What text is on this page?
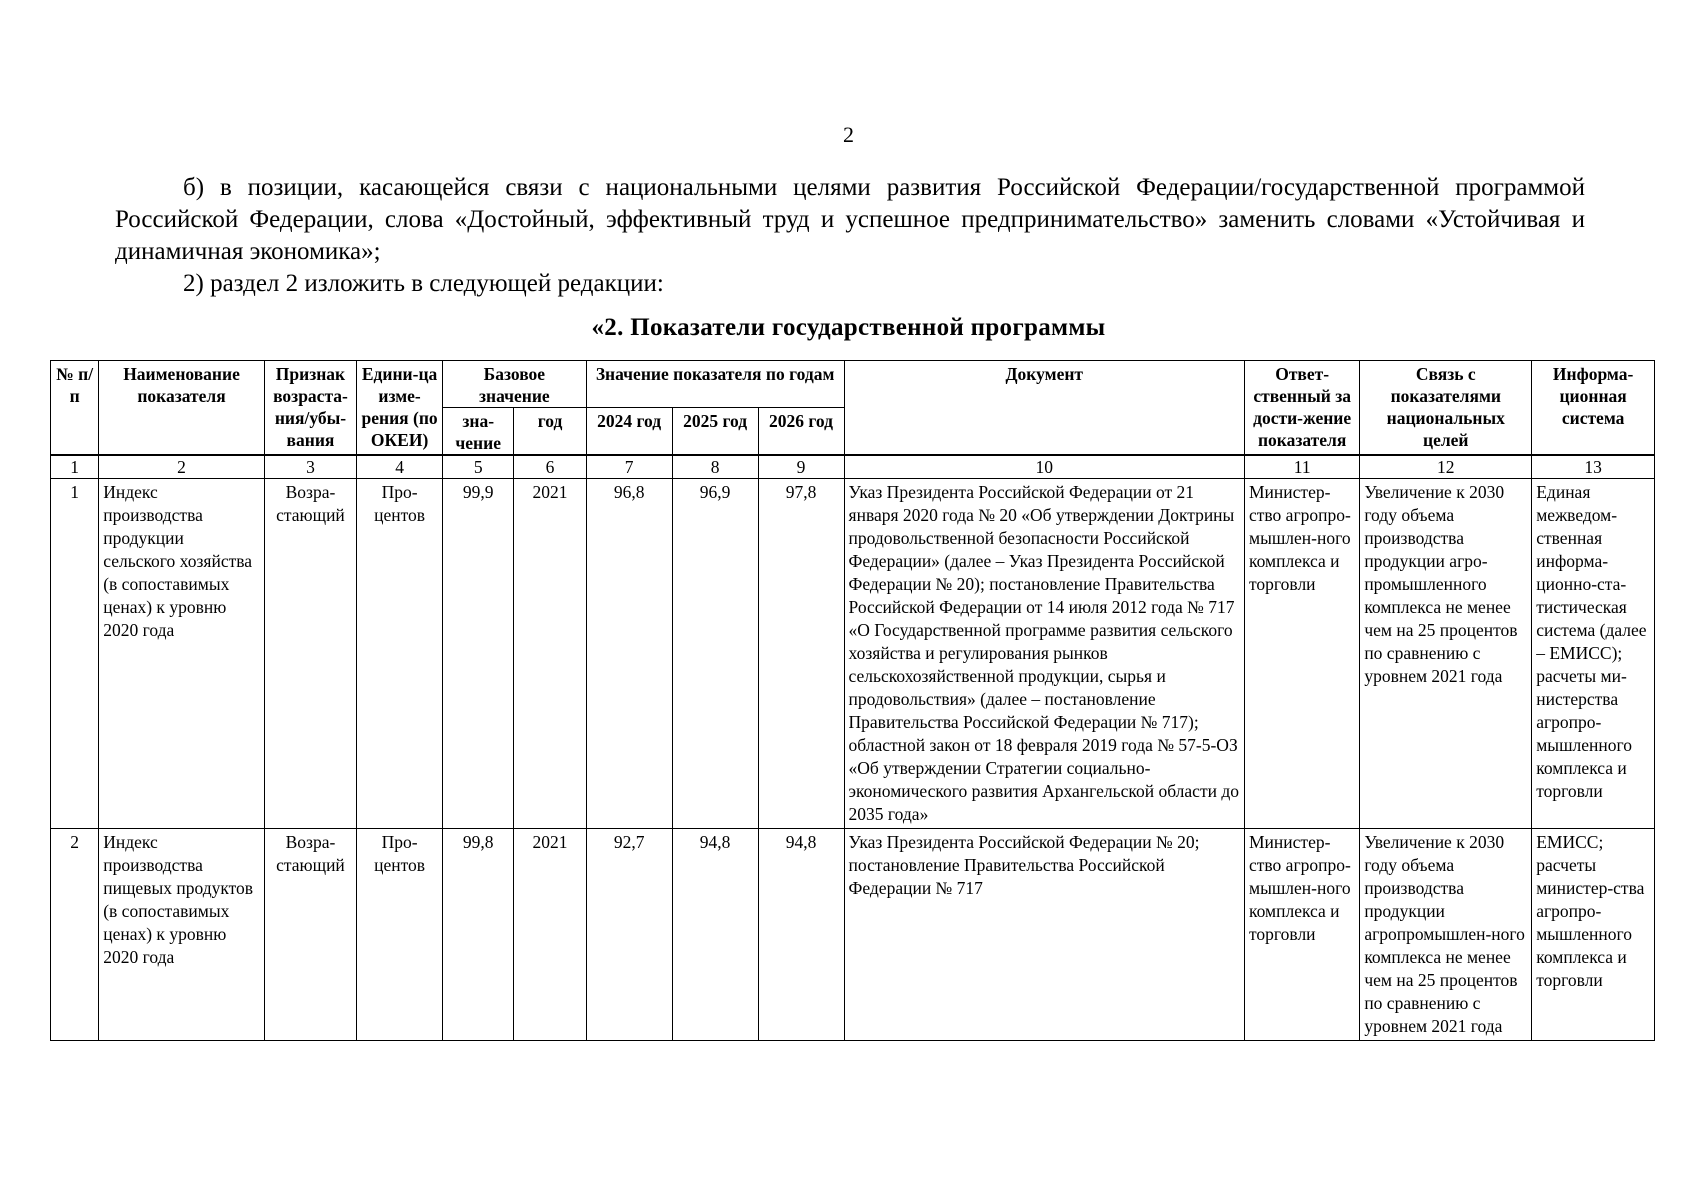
2

б) в позиции, касающейся связи с национальными целями развития Российской Федерации/государственной программой Российской Федерации, слова «Достойный, эффективный труд и успешное предпринимательство» заменить словами «Устойчивая и динамичная экономика»;

2) раздел 2 изложить в следующей редакции:

«2. Показатели государственной программы
№ п/п	Наименование показателя	Признак возраста-ния/убы-вания	Едини-ца изме-рения (по ОКЕИ)	Базовое значение		Значение показателя по годам			Документ	Ответ-ственный за дости-жение показателя	Связь с показателями национальных целей	Информа-ционная система
				зна-чение	год	2024 год	2025 год	2026 год				
1	2	3	4	5	6	7	8	9	10	11	12	13
1	Индекс производства продукции сельского хозяйства (в сопоставимых ценах) к уровню 2020 года	Возра-стающий	Про-центов	99,9	2021	96,8	96,9	97,8	Указ Президента Российской Федерации от 21 января 2020 года № 20 «Об утверждении Доктрины продовольственной безопасности Российской Федерации» (далее – Указ Президента Российской Федерации № 20); постановление Правительства Российской Федерации от 14 июля 2012 года № 717 «О Государственной программе развития сельского хозяйства и регулирования рынков сельскохозяйственной продукции, сырья и продовольствия» (далее – постановление Правительства Российской Федерации № 717); областной закон от 18 февраля 2019 года № 57-5-ОЗ «Об утверждении Стратегии социально-экономического развития Архангельской области до 2035 года»	Министер-ство агропро-мышлен-ного комплекса и торговли	Увеличение к 2030 году объема производства продукции агро-промышленного комплекса не менее чем на 25 процентов по сравнению с уровнем 2021 года	Единая межведом-ственная информа-ционно-ста-тистическая система (далее – ЕМИСС); расчеты ми-нистерства агропро-мышленного комплекса и торговли
2	Индекс производства пищевых продуктов (в сопоставимых ценах) к уровню 2020 года	Возра-стающий	Про-центов	99,8	2021	92,7	94,8	94,8	Указ Президента Российской Федерации № 20; постановление Правительства Российской Федерации № 717	Министер-ство агропро-мышлен-ного комплекса и торговли	Увеличение к 2030 году объема производства продукции агропромышлен-ного комплекса не менее чем на 25 процентов по сравнению с уровнем 2021 года	ЕМИСС; расчеты министер-ства агропро-мышленного комплекса и торговли
